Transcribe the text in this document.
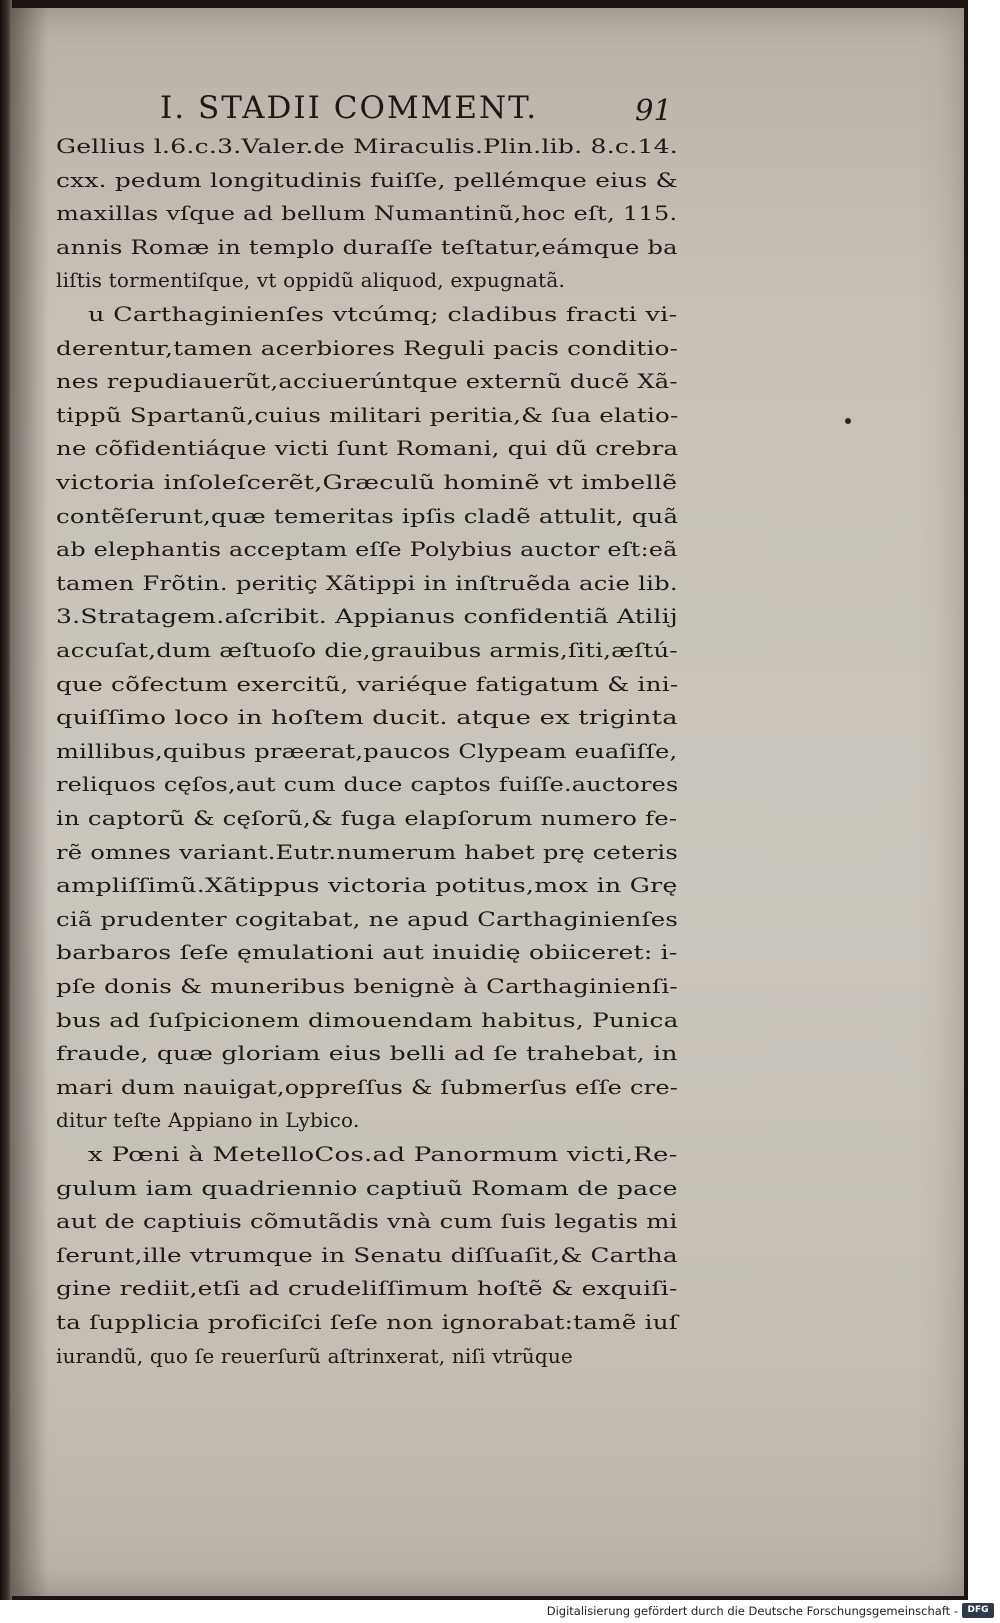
I. STADII COMMENT.	91
Gellius l.6.c.3.Valer.de Miraculis.Plin.lib. 8.c.14.
cxx. pedum longitudinis fuiſſe, pellémque eius &
maxillas vſque ad bellum Numantinũ,hoc eſt, 115.
annis Romæ in templo duraſſe teſtatur,eámque ba
liſtis tormentiſque, vt oppidũ aliquod, expugnatã.
u Carthaginienſes vtcúmq; cladibus fracti vi-
derentur,tamen acerbiores Reguli pacis conditio-
nes repudiauerũt,acciuerúntque externũ ducẽ Xã-
tippũ Spartanũ,cuius militari peritia,& ſua elatio-
ne cõfidentiáque victi ſunt Romani, qui dũ crebra
victoria inſoleſcerẽt,Græculũ hominẽ vt imbellẽ
contẽſerunt,quæ temeritas ipſis cladẽ attulit, quã
ab elephantis acceptam eſſe Polybius auctor eſt:eã
tamen Frõtin. peritiç Xãtippi in inſtruẽda acie lib.
3.Stratagem.aſcribit. Appianus confidentiã Atilij
accuſat,dum æſtuoſo die,grauibus armis,ſiti,æſtú-
que cõfectum exercitũ, variéque fatigatum & ini-
quiſſimo loco in hoſtem ducit. atque ex triginta
millibus,quibus præerat,paucos Clypeam euaſiſſe,
reliquos cęſos,aut cum duce captos fuiſſe.auctores
in captorũ & cęſorũ,& fuga elapſorum numero fe-
rẽ omnes variant.Eutr.numerum habet prę ceteris
ampliſſimũ.Xãtippus victoria potitus,mox in Grę
ciã prudenter cogitabat, ne apud Carthaginienſes
barbaros ſeſe ęmulationi aut inuidię obiiceret: i-
pſe donis & muneribus benignè à Carthaginienſi-
bus ad ſuſpicionem dimouendam habitus, Punica
fraude, quæ gloriam eius belli ad ſe trahebat, in
mari dum nauigat,oppreſſus & ſubmerſus eſſe cre-
ditur teſte Appiano in Lybico.
x Pœni à MetelloCos.ad Panormum victi,Re-
gulum iam quadriennio captiuũ Romam de pace
aut de captiuis cõmutãdis vnà cum ſuis legatis mi
ſerunt,ille vtrumque in Senatu diſſuaſit,& Cartha
gine rediit,etſi ad crudeliſſimum hoſtẽ & exquiſi-
ta ſupplicia proficiſci ſeſe non ignorabat:tamẽ iuſ
iurandũ, quo ſe reuerſurũ aſtrinxerat, niſi vtrũque
Digitalisierung gefördert durch die Deutsche Forschungsgemeinschaft -	DFG
